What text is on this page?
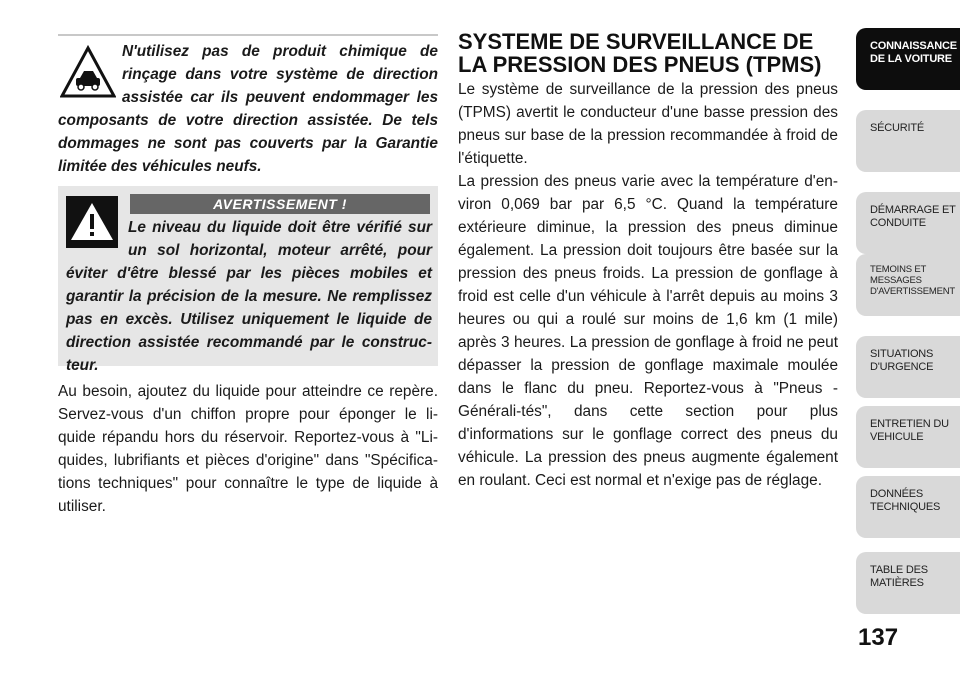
N'utilisez pas de produit chimique de rinçage dans votre système de direction assistée car ils peuvent endommager les composants de votre direction assistée. De tels dommages ne sont pas couverts par la Garantie limitée des véhicules neufs.

AVERTISSEMENT !

Le niveau du liquide doit être vérifié sur un sol horizontal, moteur arrêté, pour éviter d'être blessé par les pièces mobiles et garantir la précision de la mesure. Ne remplissez pas en excès. Utilisez uniquement le liquide de direction assistée recommandé par le construc-teur.

Au besoin, ajoutez du liquide pour atteindre ce repère. Servez-vous d'un chiffon propre pour éponger le li-quide répandu hors du réservoir. Reportez-vous à "Li-quides, lubrifiants et pièces d'origine" dans "Spécifica-tions techniques" pour connaître le type de liquide à utiliser.

SYSTEME DE SURVEILLANCE DE LA PRESSION DES PNEUS (TPMS)

Le système de surveillance de la pression des pneus (TPMS) avertit le conducteur d'une basse pression des pneus sur base de la pression recommandée à froid de l'étiquette.

La pression des pneus varie avec la température d'en-viron 0,069 bar par 6,5 °C. Quand la température extérieure diminue, la pression des pneus diminue également. La pression doit toujours être basée sur la pression des pneus froids. La pression de gonflage à froid est celle d'un véhicule à l'arrêt depuis au moins 3 heures ou qui a roulé sur moins de 1,6 km (1 mile) après 3 heures. La pression de gonflage à froid ne peut dépasser la pression de gonflage maximale moulée dans le flanc du pneu. Reportez-vous à "Pneus - Générali-tés", dans cette section pour plus d'informations sur le gonflage correct des pneus du véhicule. La pression des pneus augmente également en roulant. Ceci est normal et n'exige pas de réglage.

CONNAISSANCE DE LA VOITURE
SÉCURITÉ
DÉMARRAGE ET CONDUITE
TEMOINS ET MESSAGES D'AVERTISSEMENT
SITUATIONS D'URGENCE
ENTRETIEN DU VEHICULE
DONNÉES TECHNIQUES
TABLE DES MATIÈRES
137
